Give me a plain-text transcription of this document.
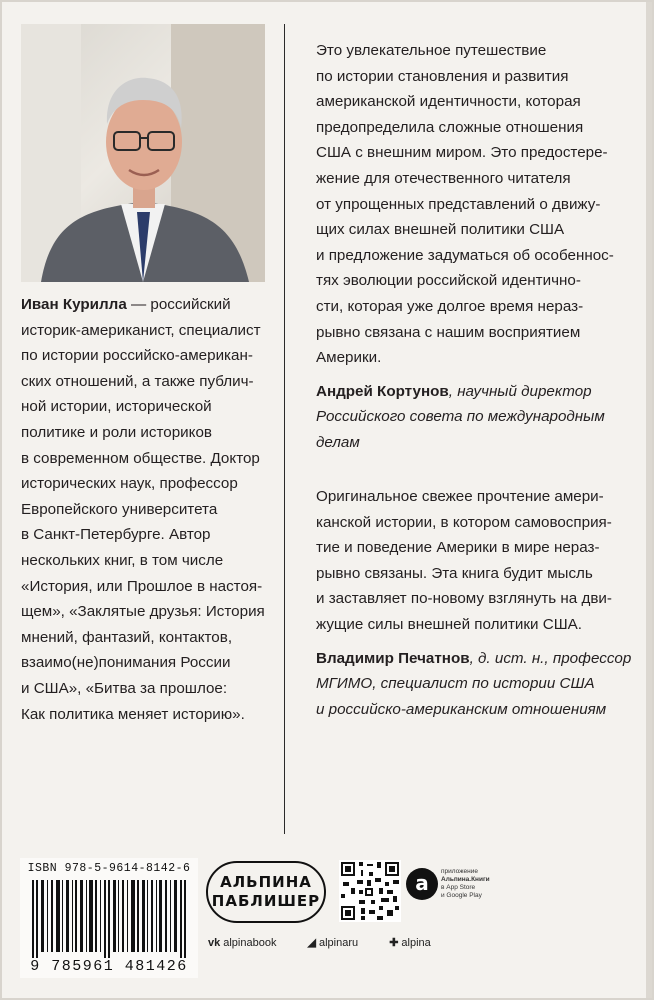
Иван Курилла — российский
историк-американист, специалист
по истории российско-американ-
ских отношений, а также публич-
ной истории, исторической
политике и роли историков
в современном обществе. Доктор
исторических наук, профессор
Европейского университета
в Санкт-Петербурге. Автор
нескольких книг, в том числе
«История, или Прошлое в настоя-
щем», «Заклятые друзья: История
мнений, фантазий, контактов,
взаимо(не)понимания России
и США», «Битва за прошлое:
Как политика меняет историю».
Это увлекательное путешествие
по истории становления и развития
американской идентичности, которая
предопределила сложные отношения
США с внешним миром. Это предостере-
жение для отечественного читателя
от упрощенных представлений о движу-
щих силах внешней политики США
и предложение задуматься об особеннос-
тях эволюции российской идентично-
сти, которая уже долгое время нераз-
рывно связана с нашим восприятием
Америки.
Андрей Кортунов, научный директор
Российского совета по международным
делам
Оригинальное свежее прочтение амери-
канской истории, в котором самовосприя-
тие и поведение Америки в мире нераз-
рывно связаны. Эта книга будит мысль
и заставляет по-новому взглянуть на дви-
жущие силы внешней политики США.
Владимир Печатнов, д. ист. н., профессор
МГИМО, специалист по истории США
и российско-американским отношениям
ISBN 978-5-9614-8142-6
9 785961 481426
АЛЬПИНА
ПАБЛИШЕР
a	приложение
Альпина.Книги
в App Store
и Google Play
vk alpinabook	◢ alpinaru	✚ alpina
